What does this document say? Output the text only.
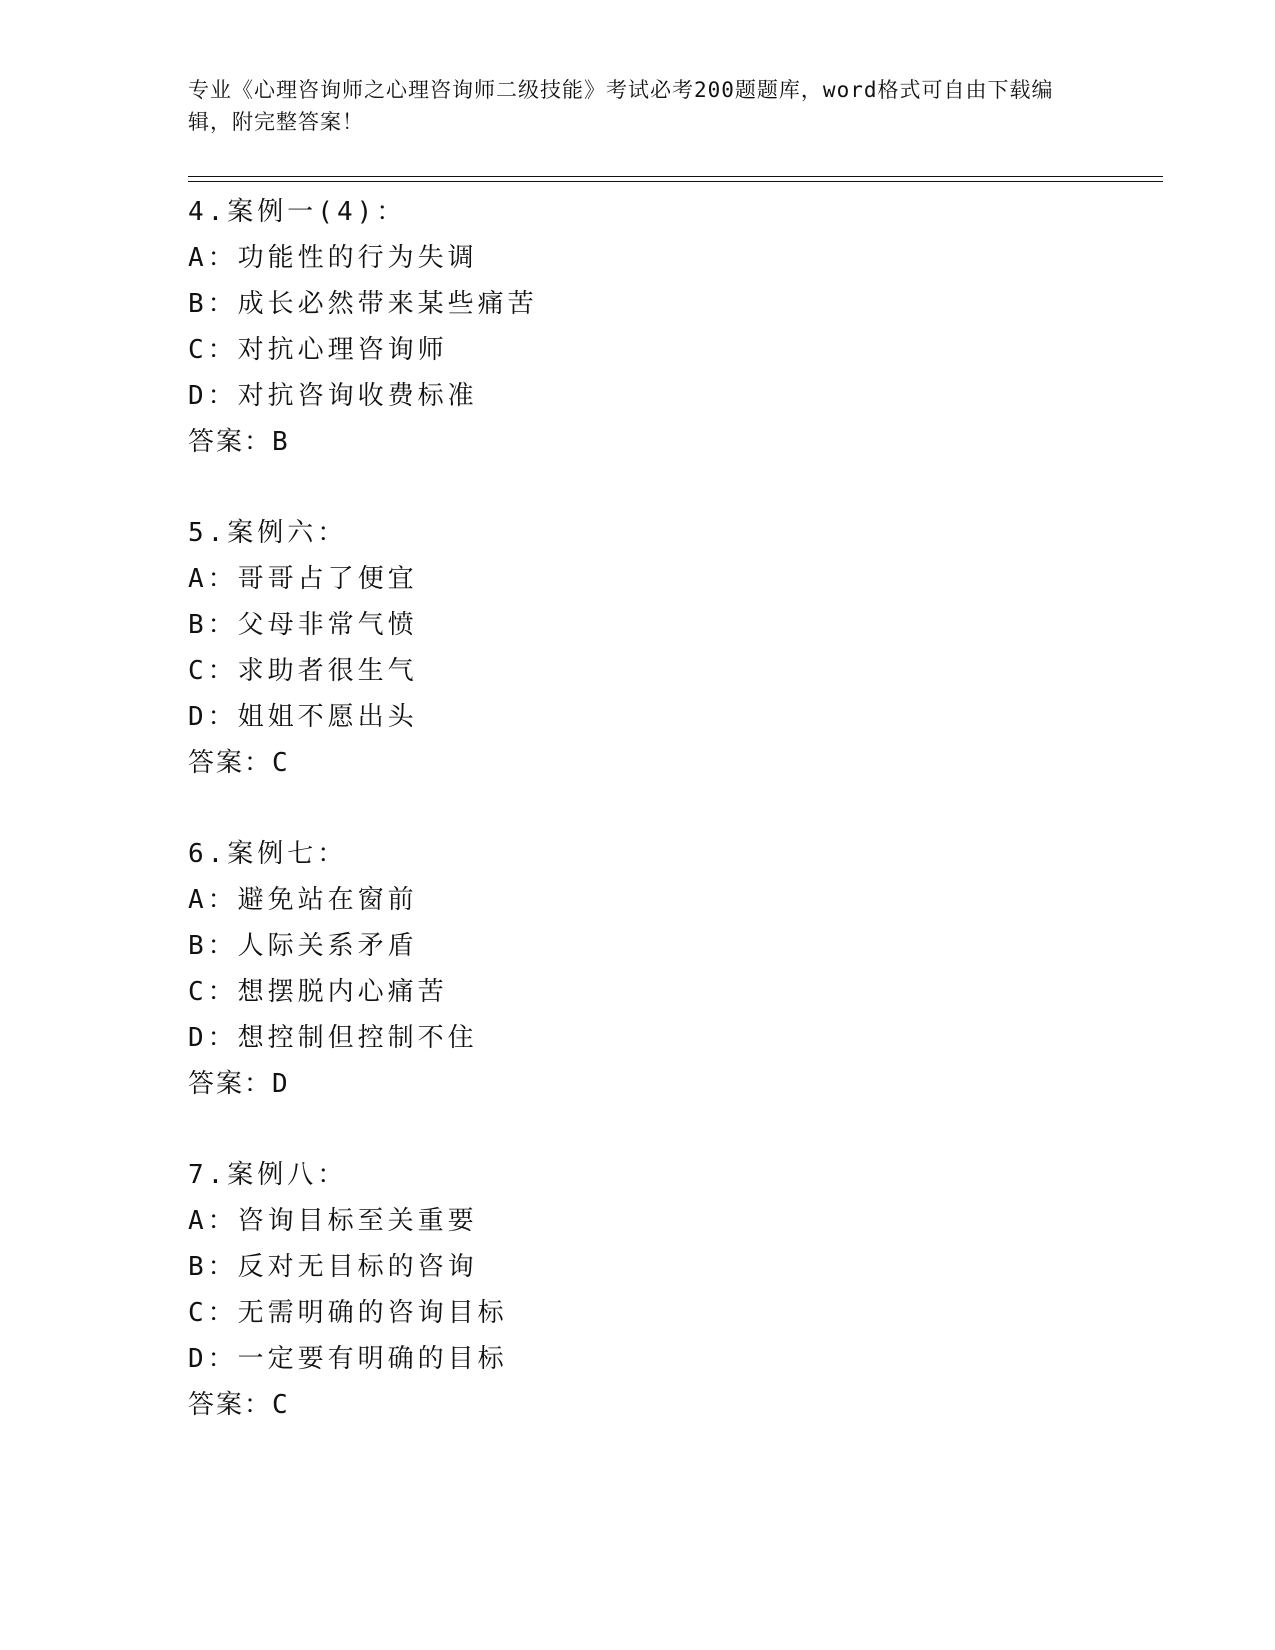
专业《心理咨询师之心理咨询师二级技能》考试必考200题题库，word格式可自由下载编辑，附完整答案！
4.案例一(4)：
A：功能性的行为失调
B：成长必然带来某些痛苦
C：对抗心理咨询师
D：对抗咨询收费标准
答案：B
5.案例六：
A：哥哥占了便宜
B：父母非常气愤
C：求助者很生气
D：姐姐不愿出头
答案：C
6.案例七：
A：避免站在窗前
B：人际关系矛盾
C：想摆脱内心痛苦
D：想控制但控制不住
答案：D
7.案例八：
A：咨询目标至关重要
B：反对无目标的咨询
C：无需明确的咨询目标
D：一定要有明确的目标
答案：C
